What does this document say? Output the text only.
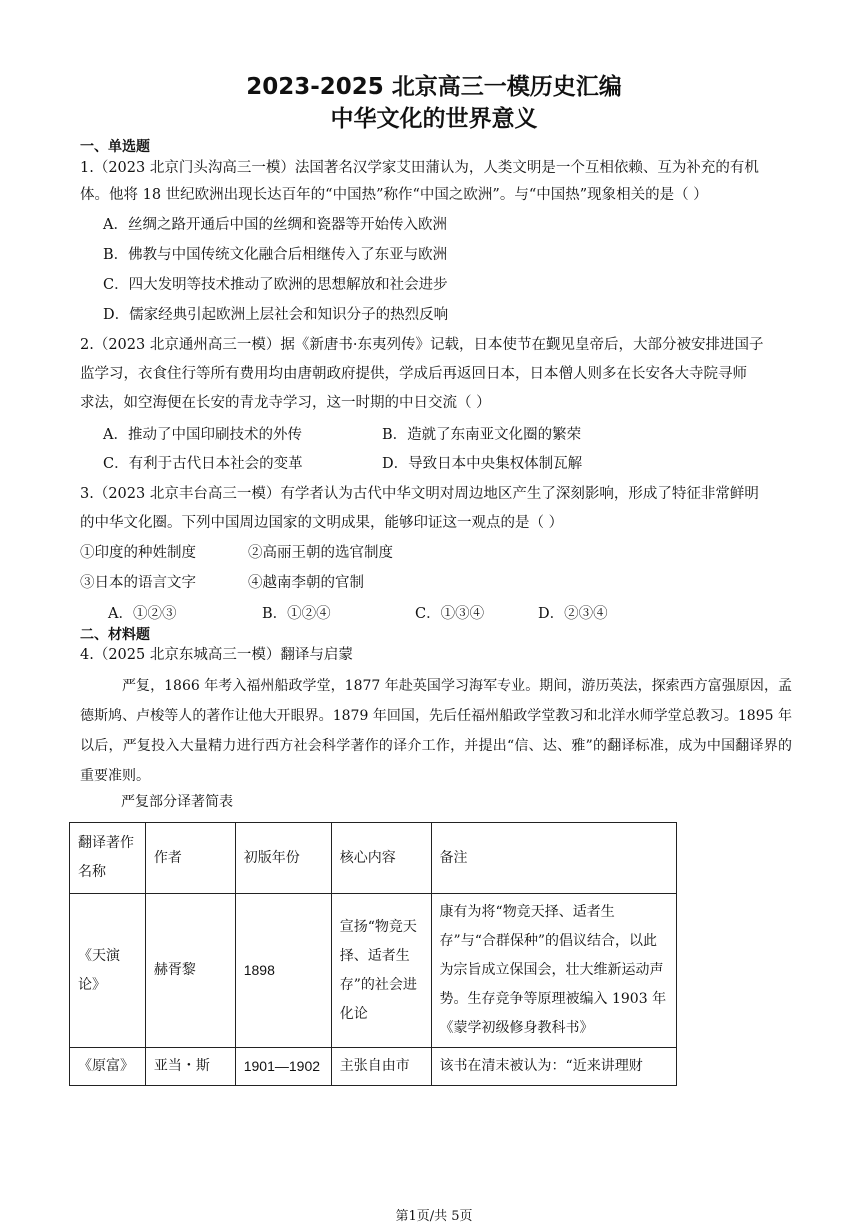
2023-2025 北京高三一模历史汇编
中华文化的世界意义
一、单选题
1.（2023 北京门头沟高三一模）法国著名汉学家艾田蒲认为，人类文明是一个互相依赖、互为补充的有机
体。他将 18 世纪欧洲出现长达百年的“中国热”称作“中国之欧洲”。与“中国热”现象相关的是（ ）
A．丝绸之路开通后中国的丝绸和瓷器等开始传入欧洲
B．佛教与中国传统文化融合后相继传入了东亚与欧洲
C．四大发明等技术推动了欧洲的思想解放和社会进步
D．儒家经典引起欧洲上层社会和知识分子的热烈反响
2.（2023 北京通州高三一模）据《新唐书·东夷列传》记载，日本使节在觐见皇帝后，大部分被安排进国子
监学习，衣食住行等所有费用均由唐朝政府提供，学成后再返回日本，日本僧人则多在长安各大寺院寻师
求法，如空海便在长安的青龙寺学习，这一时期的中日交流（ ）
A．推动了中国印刷技术的外传	B．造就了东南亚文化圈的繁荣
C．有利于古代日本社会的变革	D．导致日本中央集权体制瓦解
3.（2023 北京丰台高三一模）有学者认为古代中华文明对周边地区产生了深刻影响，形成了特征非常鲜明
的中华文化圈。下列中国周边国家的文明成果，能够印证这一观点的是（ ）
①印度的种姓制度	②高丽王朝的选官制度
③日本的语言文字	④越南李朝的官制
A．①②③	B．①②④	C．①③④	D．②③④
二、材料题
4.（2025 北京东城高三一模）翻译与启蒙
严复，1866 年考入福州船政学堂，1877 年赴英国学习海军专业。期间，游历英法，探索西方富强原因，孟德斯鸠、卢梭等人的著作让他大开眼界。1879 年回国，先后任福州船政学堂教习和北洋水师学堂总教习。1895 年以后，严复投入大量精力进行西方社会科学著作的译介工作，并提出“信、达、雅”的翻译标准，成为中国翻译界的重要准则。
严复部分译著简表
翻译著作名称	作者	初版年份	核心内容	备注
《天演论》	赫胥黎	1898	宣扬“物竞天择、适者生存”的社会进化论	康有为将“物竞天择、适者生存”与“合群保种”的倡议结合，以此为宗旨成立保国会，壮大维新运动声势。生存竞争等原理被编入 1903 年《蒙学初级修身教科书》
《原富》	亚当・斯	1901—1902	主张自由市	该书在清末被认为：“近来讲理财
第1页/共 5页
